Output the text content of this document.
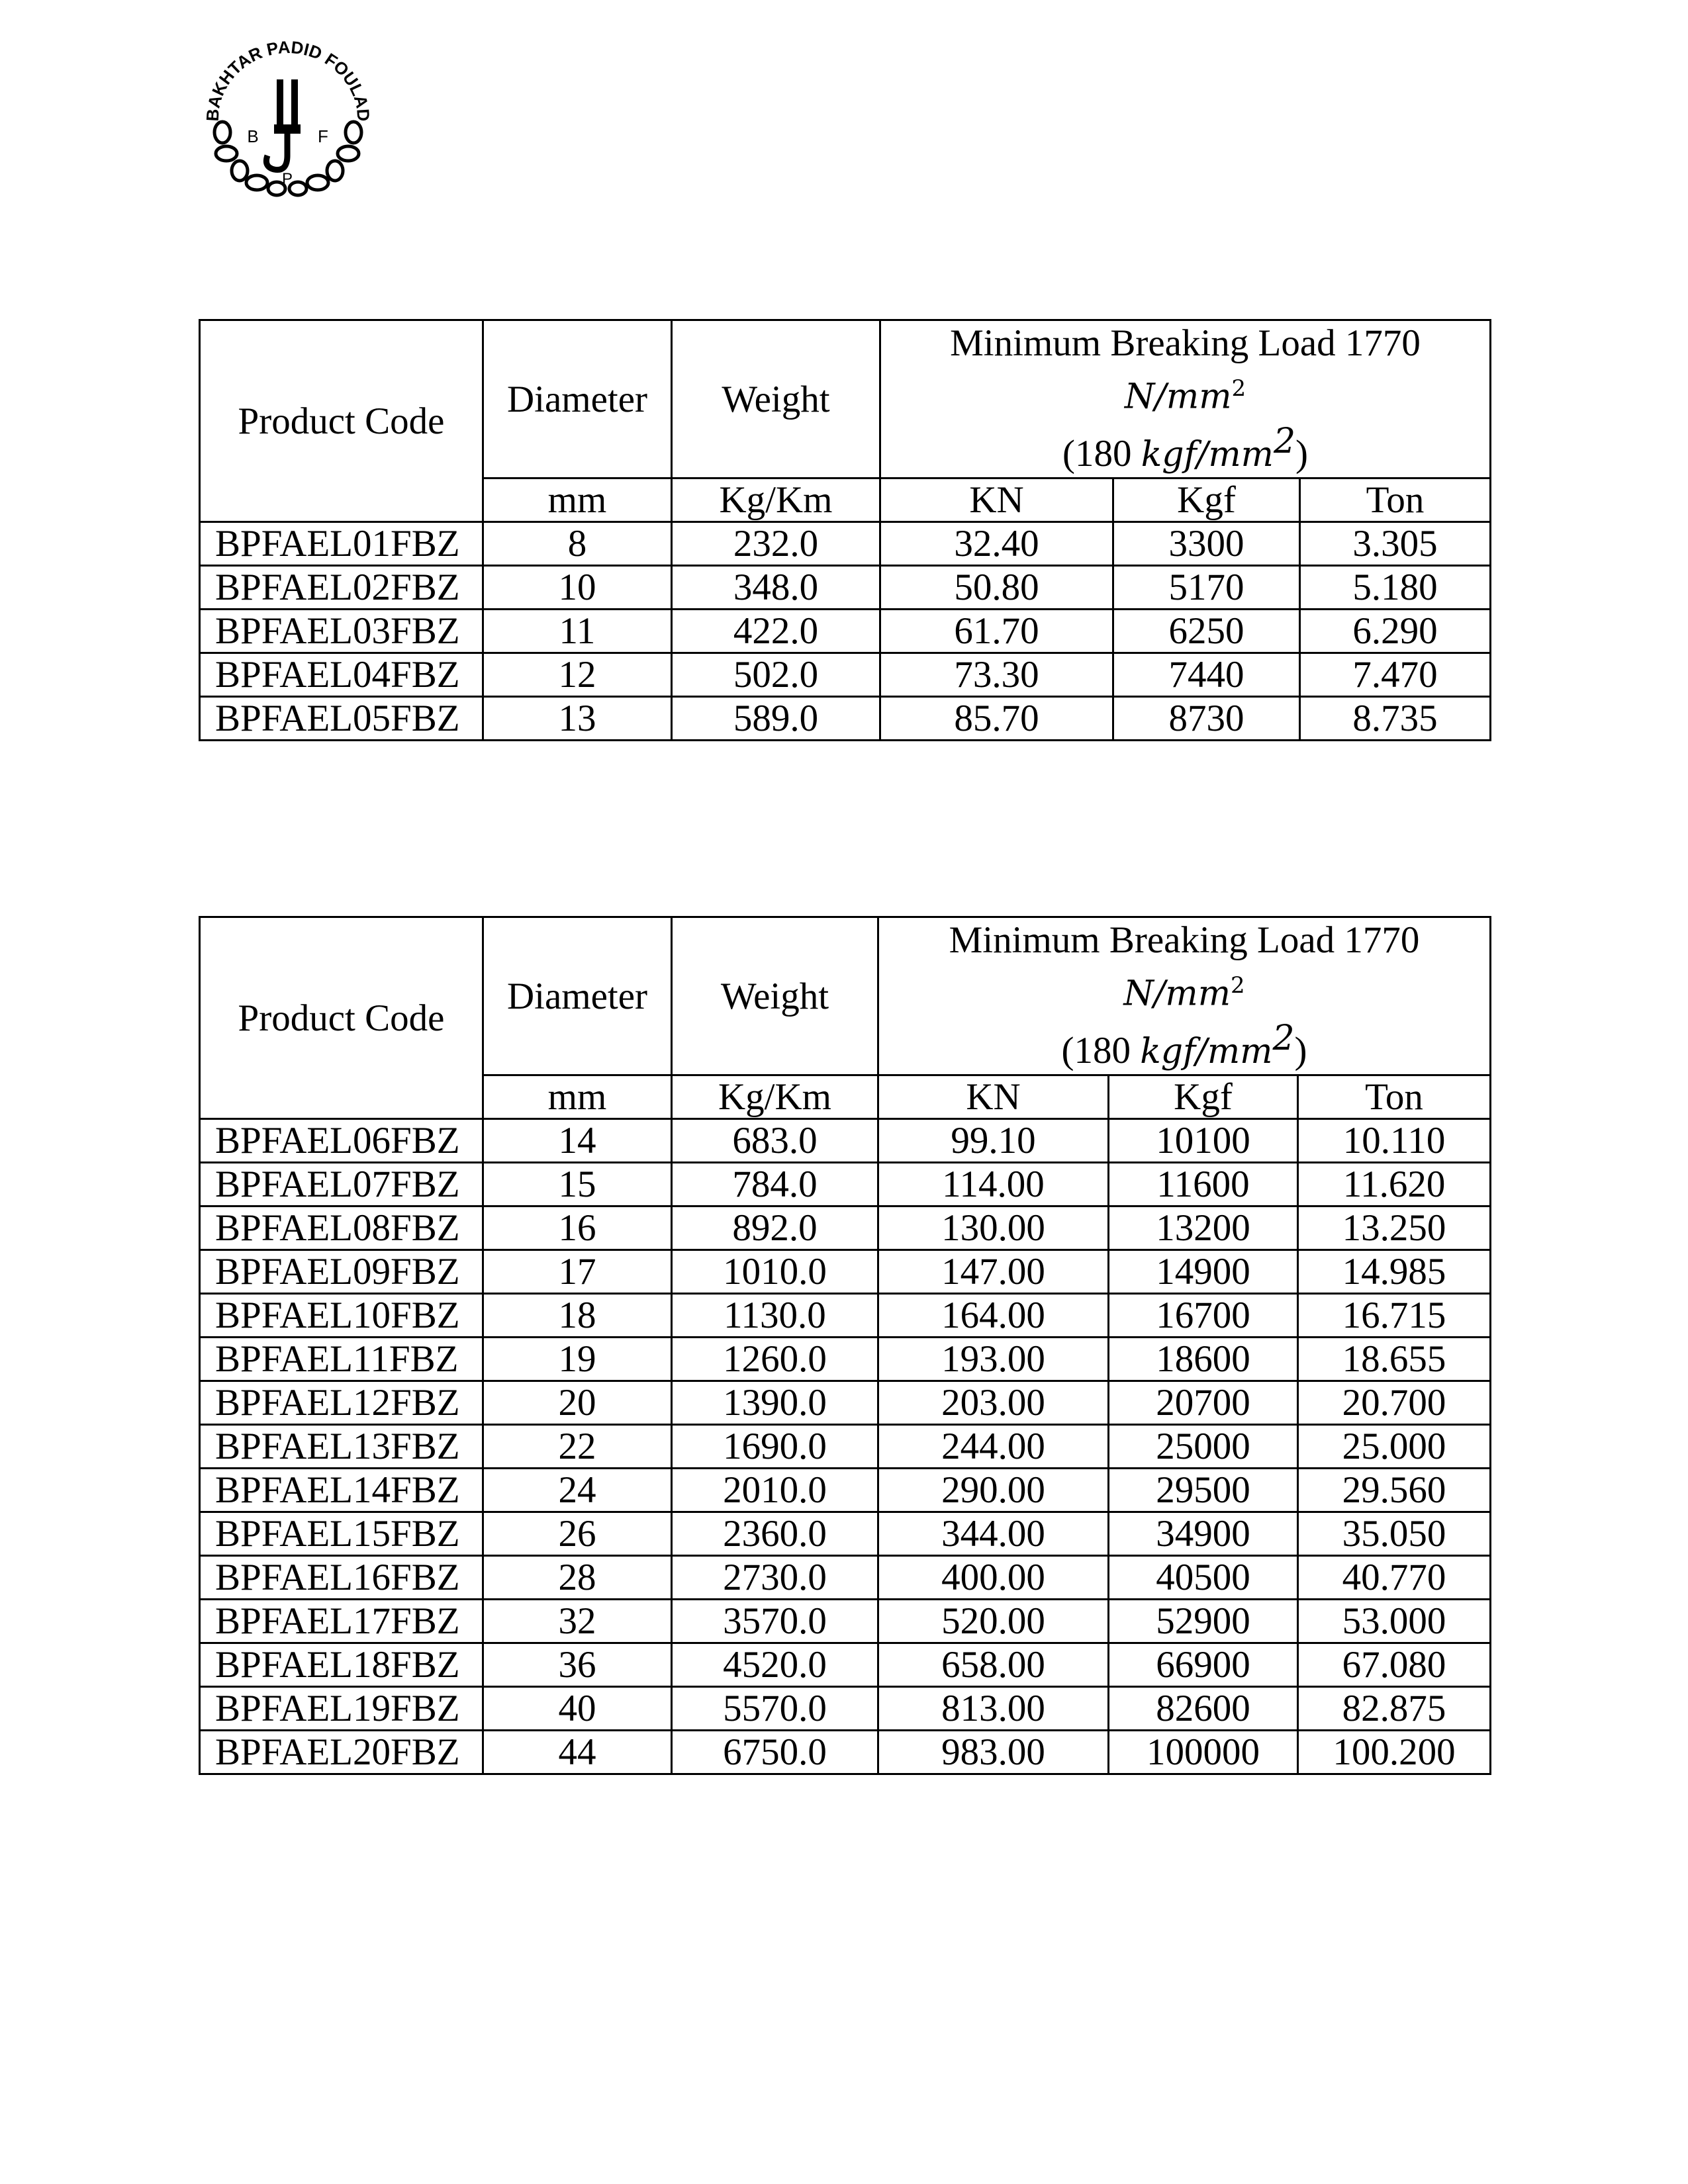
BAKHTAR PADID FOULAD
B	F
P
Product Code	Diameter	Weight	Minimum Breaking Load 1770
$N/mm^2$
(180 kgf/$mm^2$)		

	mm	Kg/Km	KN	Kgf	Ton
BPFAEL01FBZ	8	232.0	32.40	3300	3.305
BPFAEL02FBZ	10	348.0	50.80	5170	5.180
BPFAEL03FBZ	11	422.0	61.70	6250	6.290
BPFAEL04FBZ	12	502.0	73.30	7440	7.470
BPFAEL05FBZ	13	589.0	85.70	8730	8.735
Product Code	Diameter	Weight	Minimum Breaking Load 1770
$N/mm^2$
(180 kgf/$mm^2$)		

	mm	Kg/Km	KN	Kgf	Ton
BPFAEL06FBZ	14	683.0	99.10	10100	10.110
BPFAEL07FBZ	15	784.0	114.00	11600	11.620
BPFAEL08FBZ	16	892.0	130.00	13200	13.250
BPFAEL09FBZ	17	1010.0	147.00	14900	14.985
BPFAEL10FBZ	18	1130.0	164.00	16700	16.715
BPFAEL11FBZ	19	1260.0	193.00	18600	18.655
BPFAEL12FBZ	20	1390.0	203.00	20700	20.700
BPFAEL13FBZ	22	1690.0	244.00	25000	25.000
BPFAEL14FBZ	24	2010.0	290.00	29500	29.560
BPFAEL15FBZ	26	2360.0	344.00	34900	35.050
BPFAEL16FBZ	28	2730.0	400.00	40500	40.770
BPFAEL17FBZ	32	3570.0	520.00	52900	53.000
BPFAEL18FBZ	36	4520.0	658.00	66900	67.080
BPFAEL19FBZ	40	5570.0	813.00	82600	82.875
BPFAEL20FBZ	44	6750.0	983.00	100000	100.200
